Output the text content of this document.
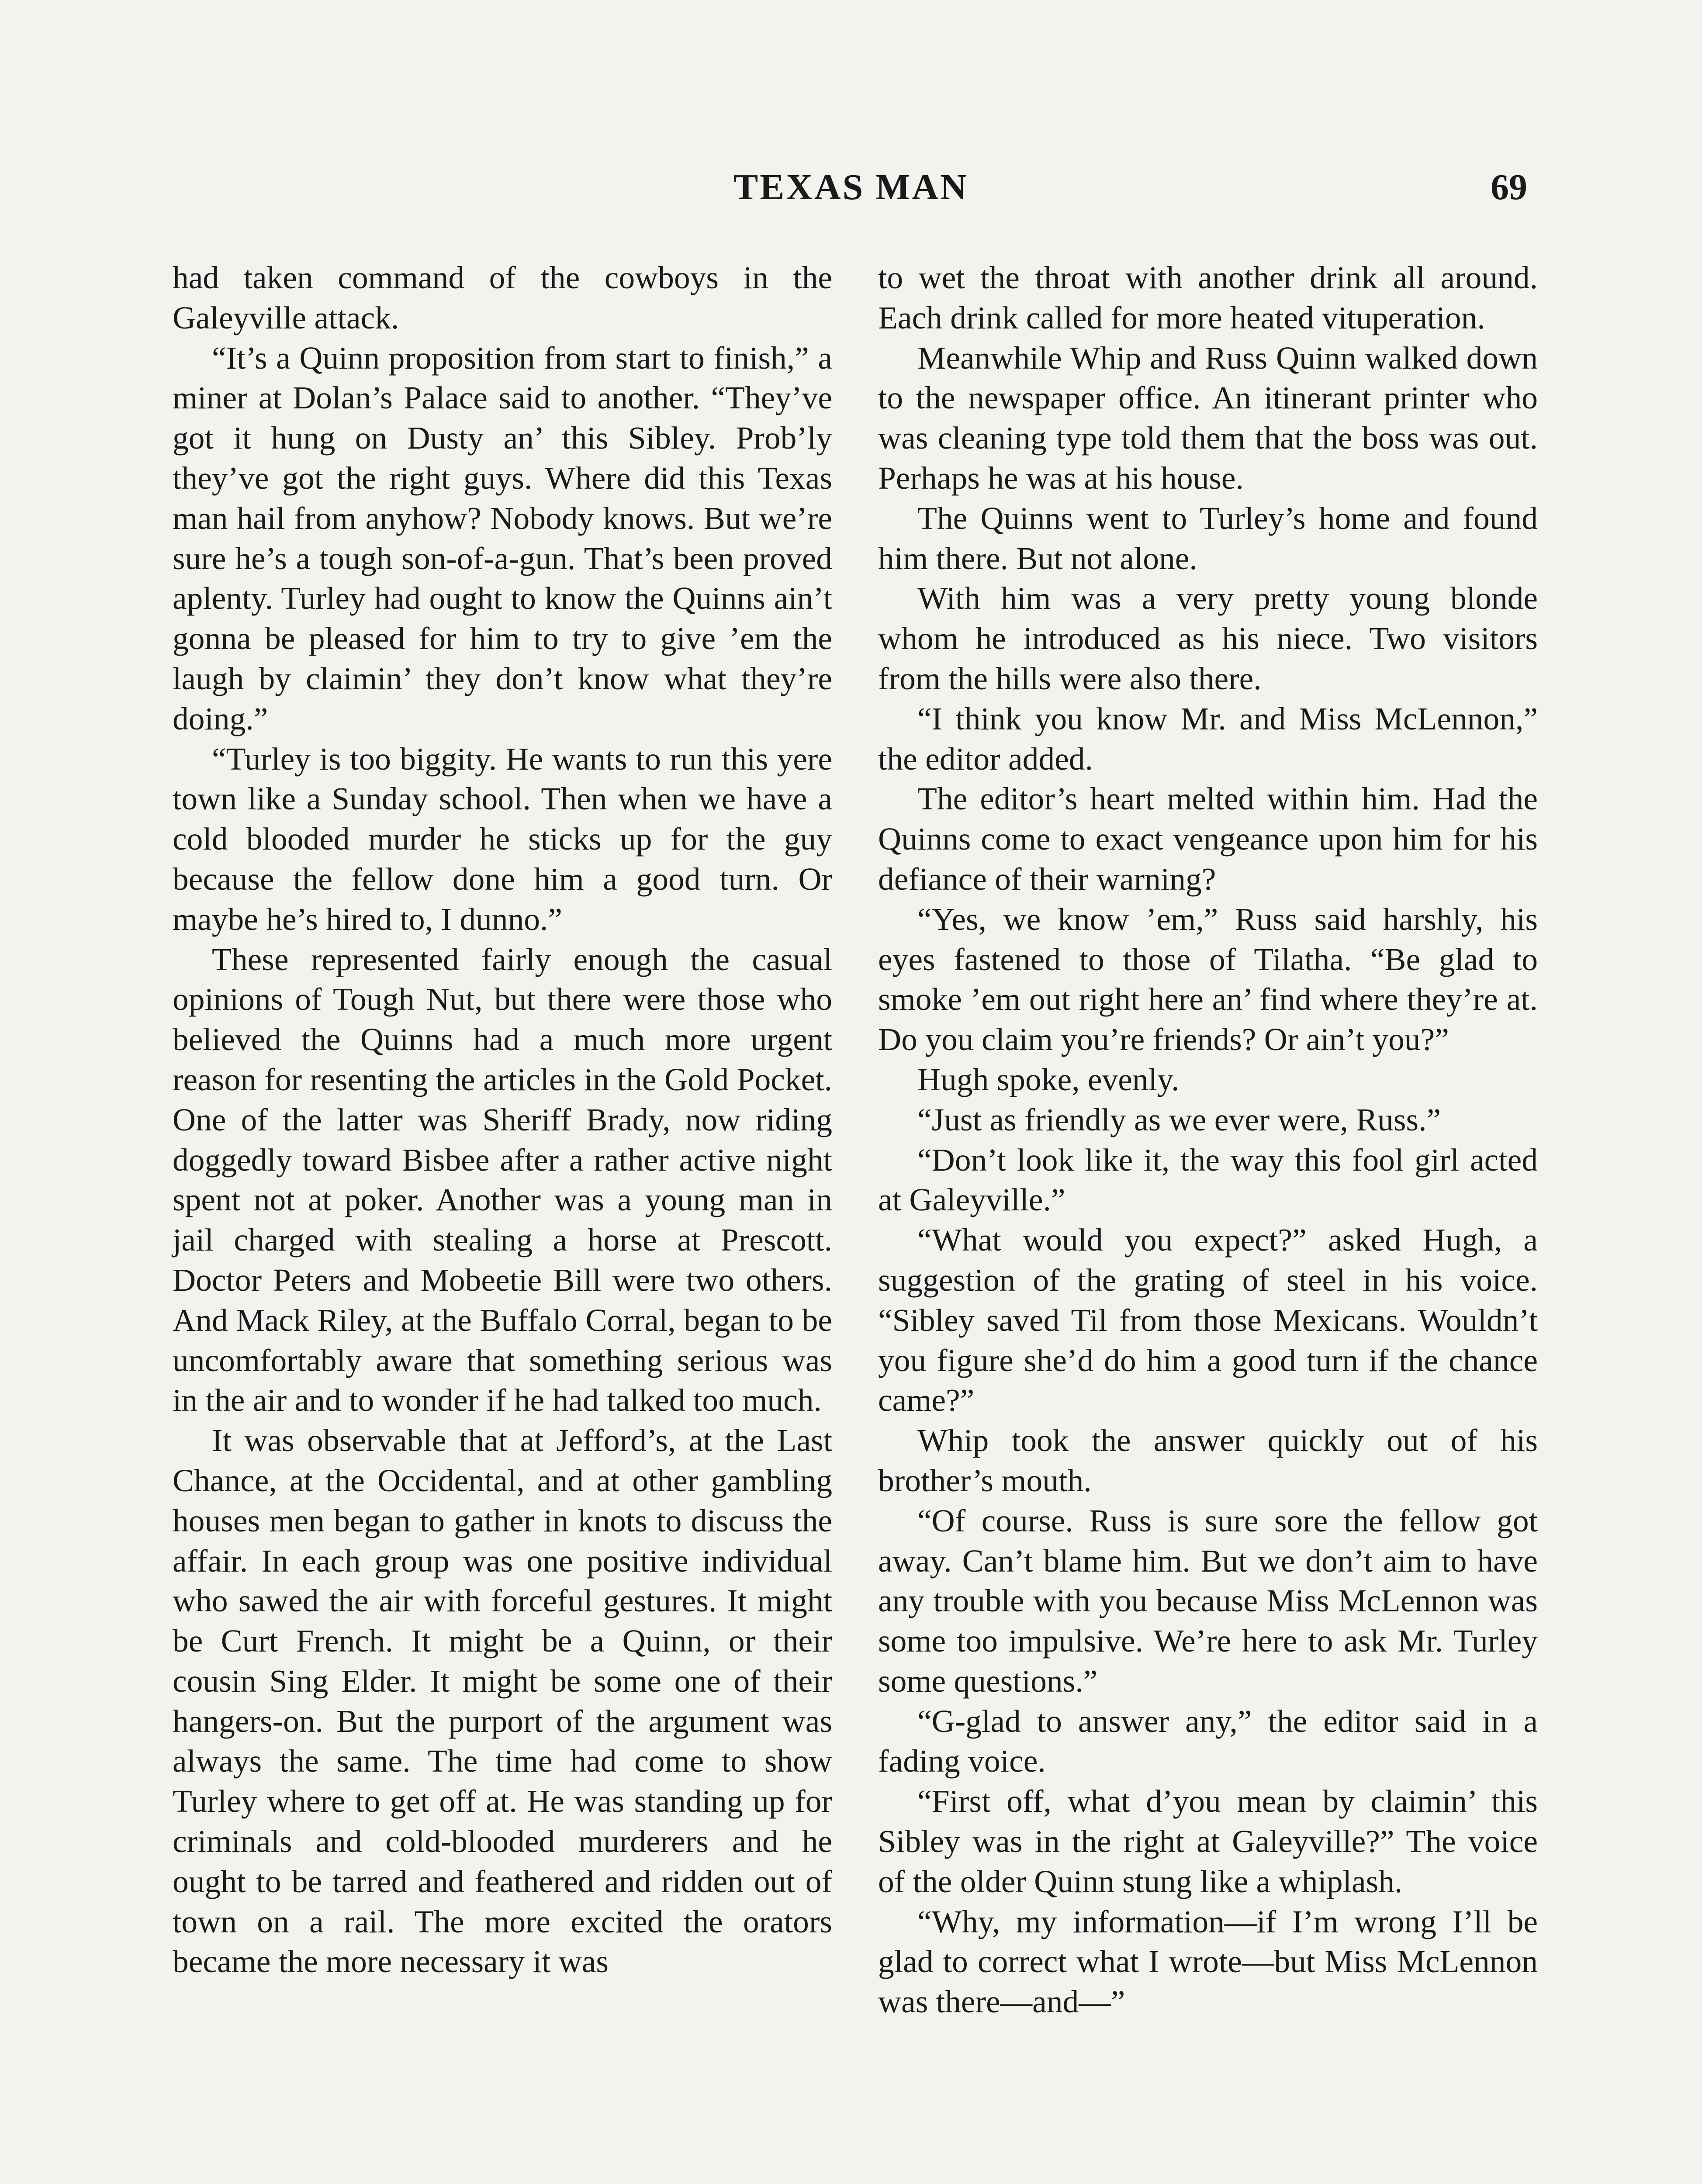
TEXAS MAN	69

had taken command of the cowboys in the Galeyville attack.

“It’s a Quinn proposition from start to finish,” a miner at Dolan’s Palace said to another. “They’ve got it hung on Dusty an’ this Sibley. Prob’ly they’ve got the right guys. Where did this Texas man hail from anyhow? Nobody knows. But we’re sure he’s a tough son-of-a-gun. That’s been proved aplenty. Turley had ought to know the Quinns ain’t gonna be pleased for him to try to give ’em the laugh by claimin’ they don’t know what they’re doing.”

“Turley is too biggity. He wants to run this yere town like a Sunday school. Then when we have a cold blooded murder he sticks up for the guy because the fellow done him a good turn. Or maybe he’s hired to, I dunno.”

These represented fairly enough the casual opinions of Tough Nut, but there were those who believed the Quinns had a much more urgent reason for resenting the articles in the Gold Pocket. One of the latter was Sheriff Brady, now riding doggedly toward Bisbee after a rather active night spent not at poker. Another was a young man in jail charged with stealing a horse at Prescott. Doctor Peters and Mobeetie Bill were two others. And Mack Riley, at the Buffalo Corral, began to be uncomfortably aware that something serious was in the air and to wonder if he had talked too much.

It was observable that at Jefford’s, at the Last Chance, at the Occidental, and at other gambling houses men began to gather in knots to discuss the affair. In each group was one positive individual who sawed the air with forceful gestures. It might be Curt French. It might be a Quinn, or their cousin Sing Elder. It might be some one of their hangers-on. But the purport of the argument was always the same. The time had come to show Turley where to get off at. He was standing up for criminals and cold-blooded murderers and he ought to be tarred and feathered and ridden out of town on a rail. The more excited the orators became the more necessary it was

to wet the throat with another drink all around. Each drink called for more heated vituperation.

Meanwhile Whip and Russ Quinn walked down to the newspaper office. An itinerant printer who was cleaning type told them that the boss was out. Perhaps he was at his house.

The Quinns went to Turley’s home and found him there. But not alone.

With him was a very pretty young blonde whom he introduced as his niece. Two visitors from the hills were also there.

“I think you know Mr. and Miss McLennon,” the editor added.

The editor’s heart melted within him. Had the Quinns come to exact vengeance upon him for his defiance of their warning?

“Yes, we know ’em,” Russ said harshly, his eyes fastened to those of Tilatha. “Be glad to smoke ’em out right here an’ find where they’re at. Do you claim you’re friends? Or ain’t you?”

Hugh spoke, evenly.

“Just as friendly as we ever were, Russ.”

“Don’t look like it, the way this fool girl acted at Galeyville.”

“What would you expect?” asked Hugh, a suggestion of the grating of steel in his voice. “Sibley saved Til from those Mexicans. Wouldn’t you figure she’d do him a good turn if the chance came?”

Whip took the answer quickly out of his brother’s mouth.

“Of course. Russ is sure sore the fellow got away. Can’t blame him. But we don’t aim to have any trouble with you because Miss McLennon was some too impulsive. We’re here to ask Mr. Turley some questions.”

“G-glad to answer any,” the editor said in a fading voice.

“First off, what d’you mean by claimin’ this Sibley was in the right at Galeyville?” The voice of the older Quinn stung like a whiplash.

“Why, my information—if I’m wrong I’ll be glad to correct what I wrote—but Miss McLennon was there—and—”
